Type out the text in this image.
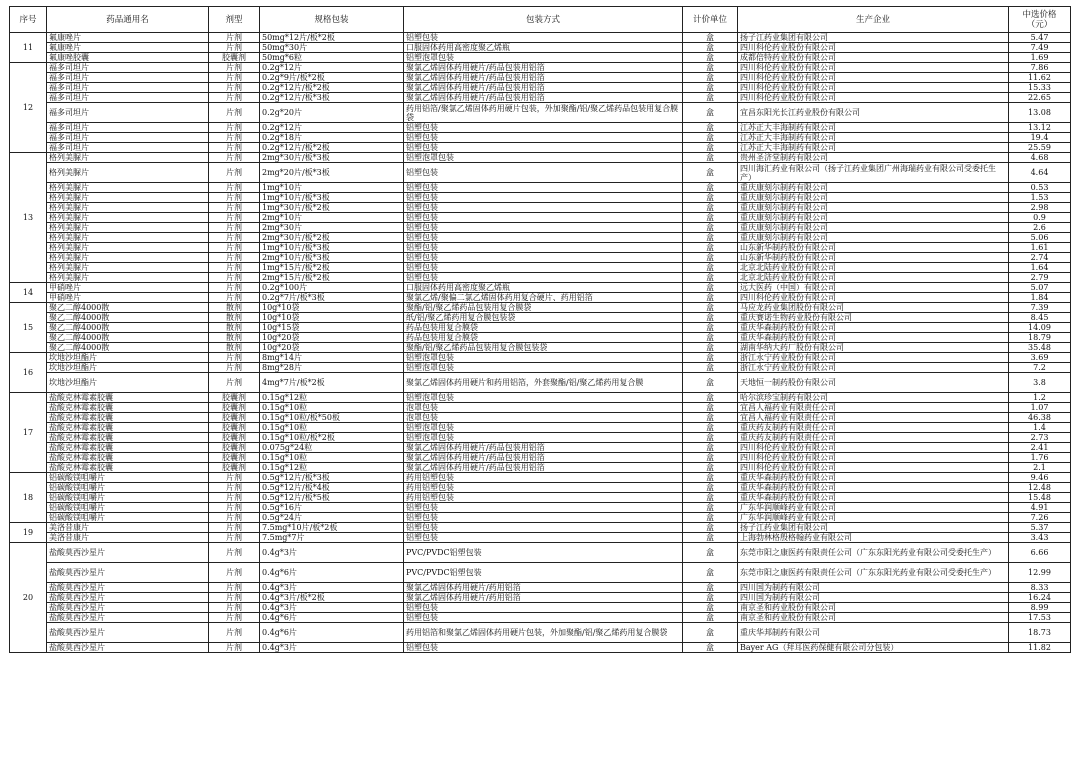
序号	药品通用名	剂型	规格包装	包装方式	计价单位	生产企业	中选价格
（元）
11	氟康唑片	片剂	50mg*12片/板*2板	铝塑包装	盒	扬子江药业集团有限公司	5.47
	氟康唑片	片剂	50mg*30片	口服固体药用高密度聚乙烯瓶	盒	四川科伦药业股份有限公司	7.49
	氟康唑胶囊	胶囊剂	50mg*6粒	铝塑泡罩包装	盒	成都倍特药业股份有限公司	1.69
12	福多司坦片	片剂	0.2g*12片	聚氯乙烯固体药用硬片/药品包装用铝箔	盒	四川科伦药业股份有限公司	7.86
	福多司坦片	片剂	0.2g*9片/板*2板	聚氯乙烯固体药用硬片/药品包装用铝箔	盒	四川科伦药业股份有限公司	11.62
	福多司坦片	片剂	0.2g*12片/板*2板	聚氯乙烯固体药用硬片/药品包装用铝箔	盒	四川科伦药业股份有限公司	15.33
	福多司坦片	片剂	0.2g*12片/板*3板	聚氯乙烯固体药用硬片/药品包装用铝箔	盒	四川科伦药业股份有限公司	22.65
	福多司坦片	片剂	0.2g*20片	药用铝箔/聚氯乙烯固体药用硬片包装，外加聚酯/铝/聚乙烯药品包装用复合膜袋	盒	宜昌东阳光长江药业股份有限公司	13.08
	福多司坦片	片剂	0.2g*12片	铝塑包装	盒	江苏正大丰海制药有限公司	13.12
	福多司坦片	片剂	0.2g*18片	铝塑包装	盒	江苏正大丰海制药有限公司	19.4
	福多司坦片	片剂	0.2g*12片/板*2板	铝塑包装	盒	江苏正大丰海制药有限公司	25.59
13	格列美脲片	片剂	2mg*30片/板*3板	铝塑泡罩包装	盒	贵州圣济堂制药有限公司	4.68
	格列美脲片	片剂	2mg*20片/板*3板	铝塑包装	盒	四川海汇药业有限公司（扬子江药业集团广州海瑞药业有限公司受委托生产）	4.64
	格列美脲片	片剂	1mg*10片	铝塑包装	盒	重庆康刻尔制药有限公司	0.53
	格列美脲片	片剂	1mg*10片/板*3板	铝塑包装	盒	重庆康刻尔制药有限公司	1.53
	格列美脲片	片剂	1mg*30片/板*2板	铝塑包装	盒	重庆康刻尔制药有限公司	2.98
	格列美脲片	片剂	2mg*10片	铝塑包装	盒	重庆康刻尔制药有限公司	0.9
	格列美脲片	片剂	2mg*30片	铝塑包装	盒	重庆康刻尔制药有限公司	2.6
	格列美脲片	片剂	2mg*30片/板*2板	铝塑包装	盒	重庆康刻尔制药有限公司	5.06
	格列美脲片	片剂	1mg*10片/板*3板	铝塑包装	盒	山东新华制药股份有限公司	1.61
	格列美脲片	片剂	2mg*10片/板*3板	铝塑包装	盒	山东新华制药股份有限公司	2.74
	格列美脲片	片剂	1mg*15片/板*2板	铝塑包装	盒	北京北陆药业股份有限公司	1.64
	格列美脲片	片剂	2mg*15片/板*2板	铝塑包装	盒	北京北陆药业股份有限公司	2.79
14	甲硝唑片	片剂	0.2g*100片	口服固体药用高密度聚乙烯瓶	盒	远大医药（中国）有限公司	5.07
	甲硝唑片	片剂	0.2g*7片/板*3板	聚氯乙烯/聚偏二氯乙烯固体药用复合硬片、药用铝箔	盒	四川科伦药业股份有限公司	1.84
15	聚乙二醇4000散	散剂	10g*10袋	聚酯/铝/聚乙烯药品包装用复合膜袋	盒	马应龙药业集团股份有限公司	7.39
	聚乙二醇4000散	散剂	10g*10袋	纸/铝/聚乙烯药用复合膜包装袋	盒	重庆赛诺生物药业股份有限公司	8.45
	聚乙二醇4000散	散剂	10g*15袋	药品包装用复合膜袋	盒	重庆华森制药股份有限公司	14.09
	聚乙二醇4000散	散剂	10g*20袋	药品包装用复合膜袋	盒	重庆华森制药股份有限公司	18.79
	聚乙二醇4000散	散剂	10g*20袋	聚酯/铝/聚乙烯药品包装用复合膜包装袋	盒	湖南华纳大药厂股份有限公司	35.48
16	坎地沙坦酯片	片剂	8mg*14片	铝塑泡罩包装	盒	浙江永宁药业股份有限公司	3.69
	坎地沙坦酯片	片剂	8mg*28片	铝塑泡罩包装	盒	浙江永宁药业股份有限公司	7.2
	坎地沙坦酯片	片剂	4mg*7片/板*2板	聚氯乙烯固体药用硬片和药用铝箔，外套聚酯/铝/聚乙烯药用复合膜	盒	天地恒一制药股份有限公司	3.8
17	盐酸克林霉素胶囊	胶囊剂	0.15g*12粒	铝塑泡罩包装	盒	哈尔滨珍宝制药有限公司	1.2
	盐酸克林霉素胶囊	胶囊剂	0.15g*10粒	泡罩包装	盒	宜昌人福药业有限责任公司	1.07
	盐酸克林霉素胶囊	胶囊剂	0.15g*10粒/板*50板	泡罩包装	盒	宜昌人福药业有限责任公司	46.38
	盐酸克林霉素胶囊	胶囊剂	0.15g*10粒	铝塑泡罩包装	盒	重庆药友制药有限责任公司	1.4
	盐酸克林霉素胶囊	胶囊剂	0.15g*10粒/板*2板	铝塑泡罩包装	盒	重庆药友制药有限责任公司	2.73
	盐酸克林霉素胶囊	胶囊剂	0.075g*24粒	聚氯乙烯固体药用硬片/药品包装用铝箔	盒	四川科伦药业股份有限公司	2.41
	盐酸克林霉素胶囊	胶囊剂	0.15g*10粒	聚氯乙烯固体药用硬片/药品包装用铝箔	盒	四川科伦药业股份有限公司	1.76
	盐酸克林霉素胶囊	胶囊剂	0.15g*12粒	聚氯乙烯固体药用硬片/药品包装用铝箔	盒	四川科伦药业股份有限公司	2.1
18	铝碳酸镁咀嚼片	片剂	0.5g*12片/板*3板	药用铝塑包装	盒	重庆华森制药股份有限公司	9.46
	铝碳酸镁咀嚼片	片剂	0.5g*12片/板*4板	药用铝塑包装	盒	重庆华森制药股份有限公司	12.48
	铝碳酸镁咀嚼片	片剂	0.5g*12片/板*5板	药用铝塑包装	盒	重庆华森制药股份有限公司	15.48
	铝碳酸镁咀嚼片	片剂	0.5g*16片	铝塑包装	盒	广东华润顺峰药业有限公司	4.91
	铝碳酸镁咀嚼片	片剂	0.5g*24片	铝塑包装	盒	广东华润顺峰药业有限公司	7.26
19	美洛昔康片	片剂	7.5mg*10片/板*2板	铝塑包装	盒	扬子江药业集团有限公司	5.37
	美洛昔康片	片剂	7.5mg*7片	铝塑包装	盒	上海勃林格殷格翰药业有限公司	3.43
20	盐酸莫西沙星片	片剂	0.4g*3片	PVC/PVDC铝塑包装	盒	东莞市阳之康医药有限责任公司（广东东阳光药业有限公司受委托生产）	6.66
	盐酸莫西沙星片	片剂	0.4g*6片	PVC/PVDC铝塑包装	盒	东莞市阳之康医药有限责任公司（广东东阳光药业有限公司受委托生产）	12.99
	盐酸莫西沙星片	片剂	0.4g*3片	聚氯乙烯固体药用硬片/药用铝箔	盒	四川国为制药有限公司	8.33
	盐酸莫西沙星片	片剂	0.4g*3片/板*2板	聚氯乙烯固体药用硬片/药用铝箔	盒	四川国为制药有限公司	16.24
	盐酸莫西沙星片	片剂	0.4g*3片	铝塑包装	盒	南京圣和药业股份有限公司	8.99
	盐酸莫西沙星片	片剂	0.4g*6片	铝塑包装	盒	南京圣和药业股份有限公司	17.53
	盐酸莫西沙星片	片剂	0.4g*6片	药用铝箔和聚氯乙烯固体药用硬片包装，外加聚酯/铝/聚乙烯药用复合膜袋	盒	重庆华邦制药有限公司	18.73
	盐酸莫西沙星片	片剂	0.4g*3片	铝塑包装	盒	Bayer AG（拜耳医药保健有限公司分包装）	11.82
